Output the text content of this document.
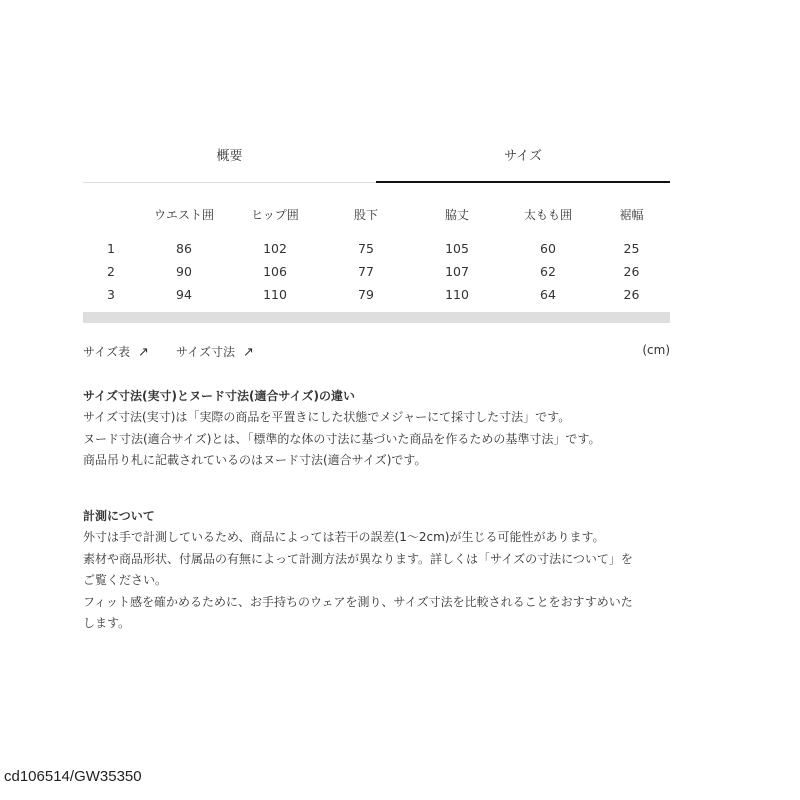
概要	サイズ
	ウエスト囲	ヒップ囲	股下	脇丈	太もも囲	裾幅

1	86	102	75	105	60	25
2	90	106	77	107	62	26
3	94	110	79	110	64	26
サイズ表 ↗ サイズ寸法 ↗	(cm)
サイズ寸法(実寸)とヌード寸法(適合サイズ)の違い

サイズ寸法(実寸)は「実際の商品を平置きにした状態でメジャーにて採寸した寸法」です。

ヌード寸法(適合サイズ)とは、「標準的な体の寸法に基づいた商品を作るための基準寸法」です。

商品吊り札に記載されているのはヌード寸法(適合サイズ)です。

計測について

外寸は手で計測しているため、商品によっては若干の誤差(1〜2cm)が生じる可能性があります。

素材や商品形状、付属品の有無によって計測方法が異なります。詳しくは「サイズの寸法について」を

ご覧ください。

フィット感を確かめるために、お手持ちのウェアを測り、サイズ寸法を比較されることをおすすめいた

します。

cd106514/GW35350
